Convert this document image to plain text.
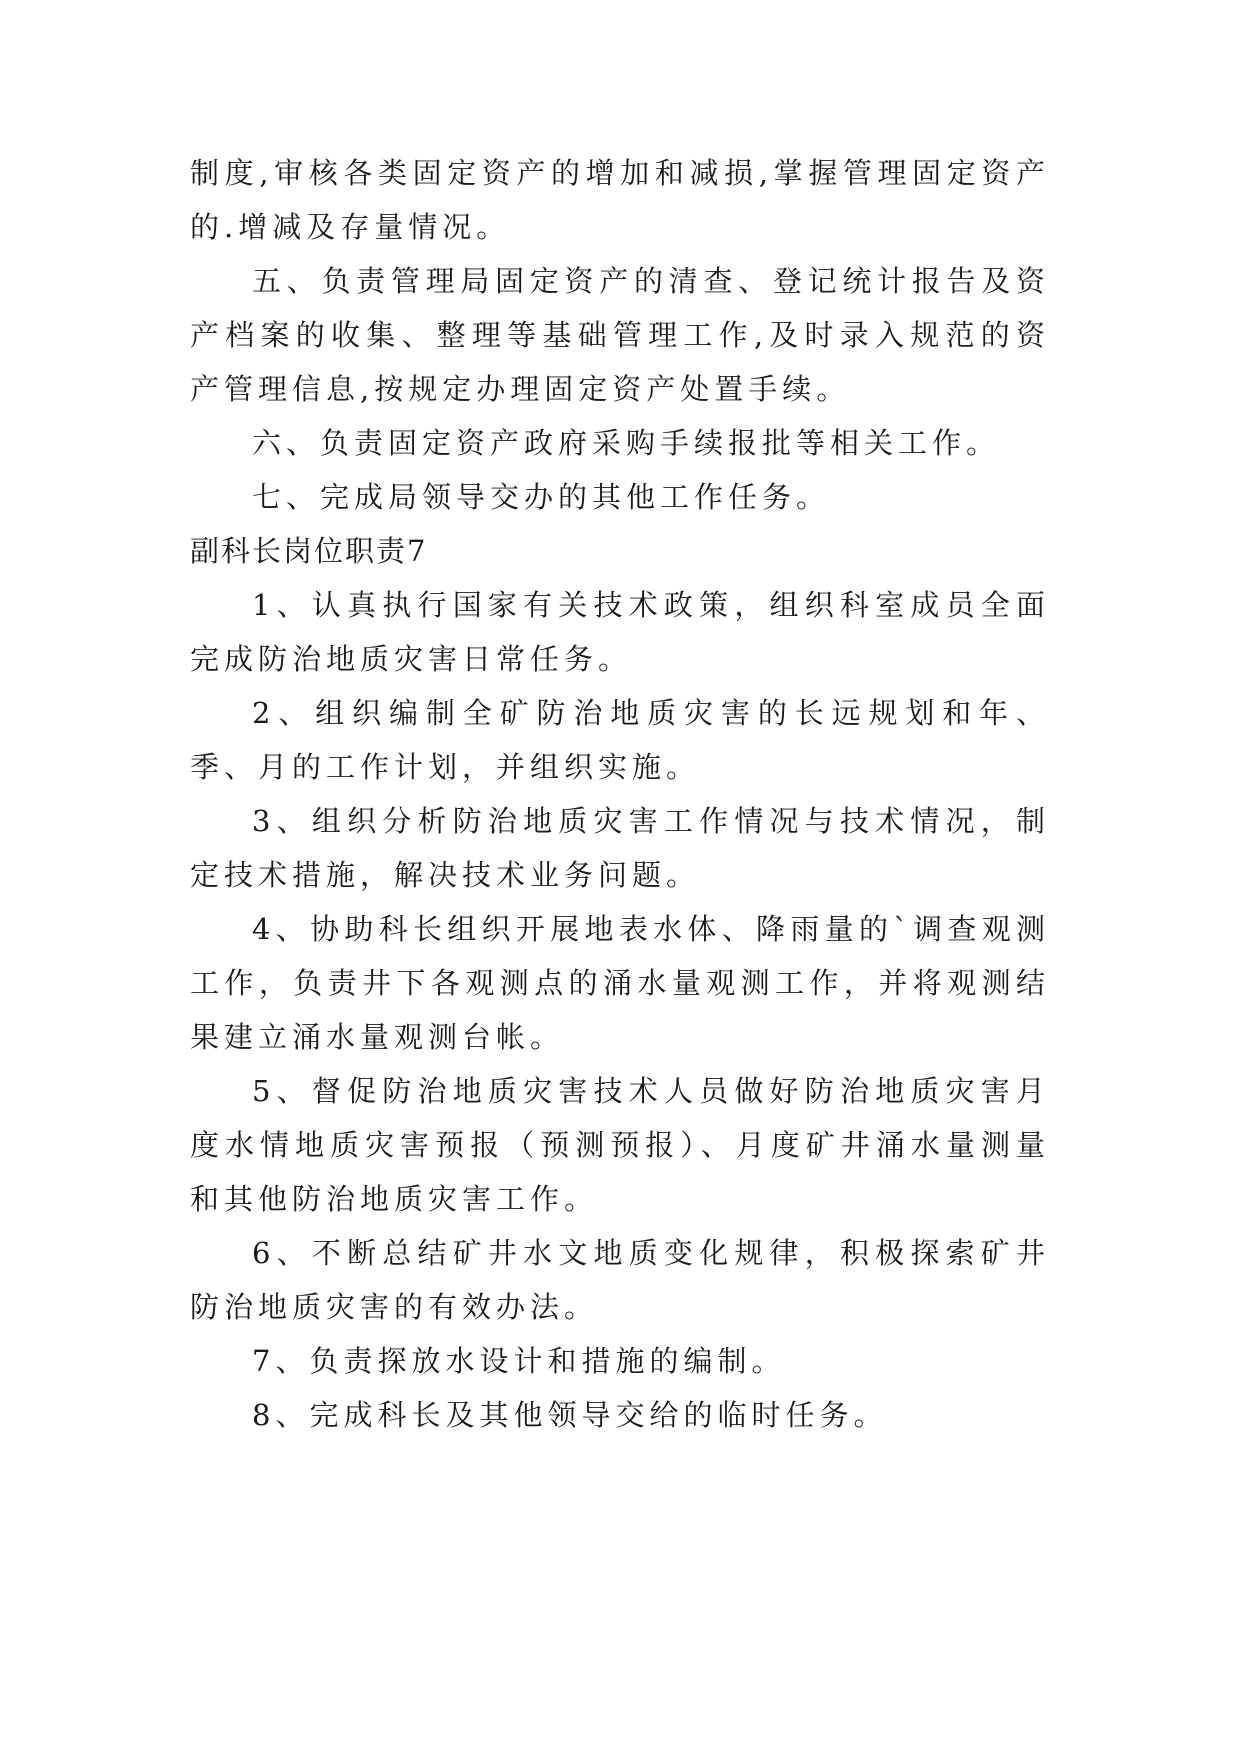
制度,审核各类固定资产的增加和减损,掌握管理固定资产的.增减及存量情况。

五、负责管理局固定资产的清查、登记统计报告及资产档案的收集、整理等基础管理工作,及时录入规范的资产管理信息,按规定办理固定资产处置手续。

六、负责固定资产政府采购手续报批等相关工作。

七、完成局领导交办的其他工作任务。

副科长岗位职责7

1、认真执行国家有关技术政策，组织科室成员全面完成防治地质灾害日常任务。

2、组织编制全矿防治地质灾害的长远规划和年、季、月的工作计划，并组织实施。

3、组织分析防治地质灾害工作情况与技术情况，制定技术措施，解决技术业务问题。

4、协助科长组织开展地表水体、降雨量的`调查观测工作，负责井下各观测点的涌水量观测工作，并将观测结果建立涌水量观测台帐。

5、督促防治地质灾害技术人员做好防治地质灾害月度水情地质灾害预报（预测预报）、月度矿井涌水量测量和其他防治地质灾害工作。

6、不断总结矿井水文地质变化规律，积极探索矿井防治地质灾害的有效办法。

7、负责探放水设计和措施的编制。

8、完成科长及其他领导交给的临时任务。
